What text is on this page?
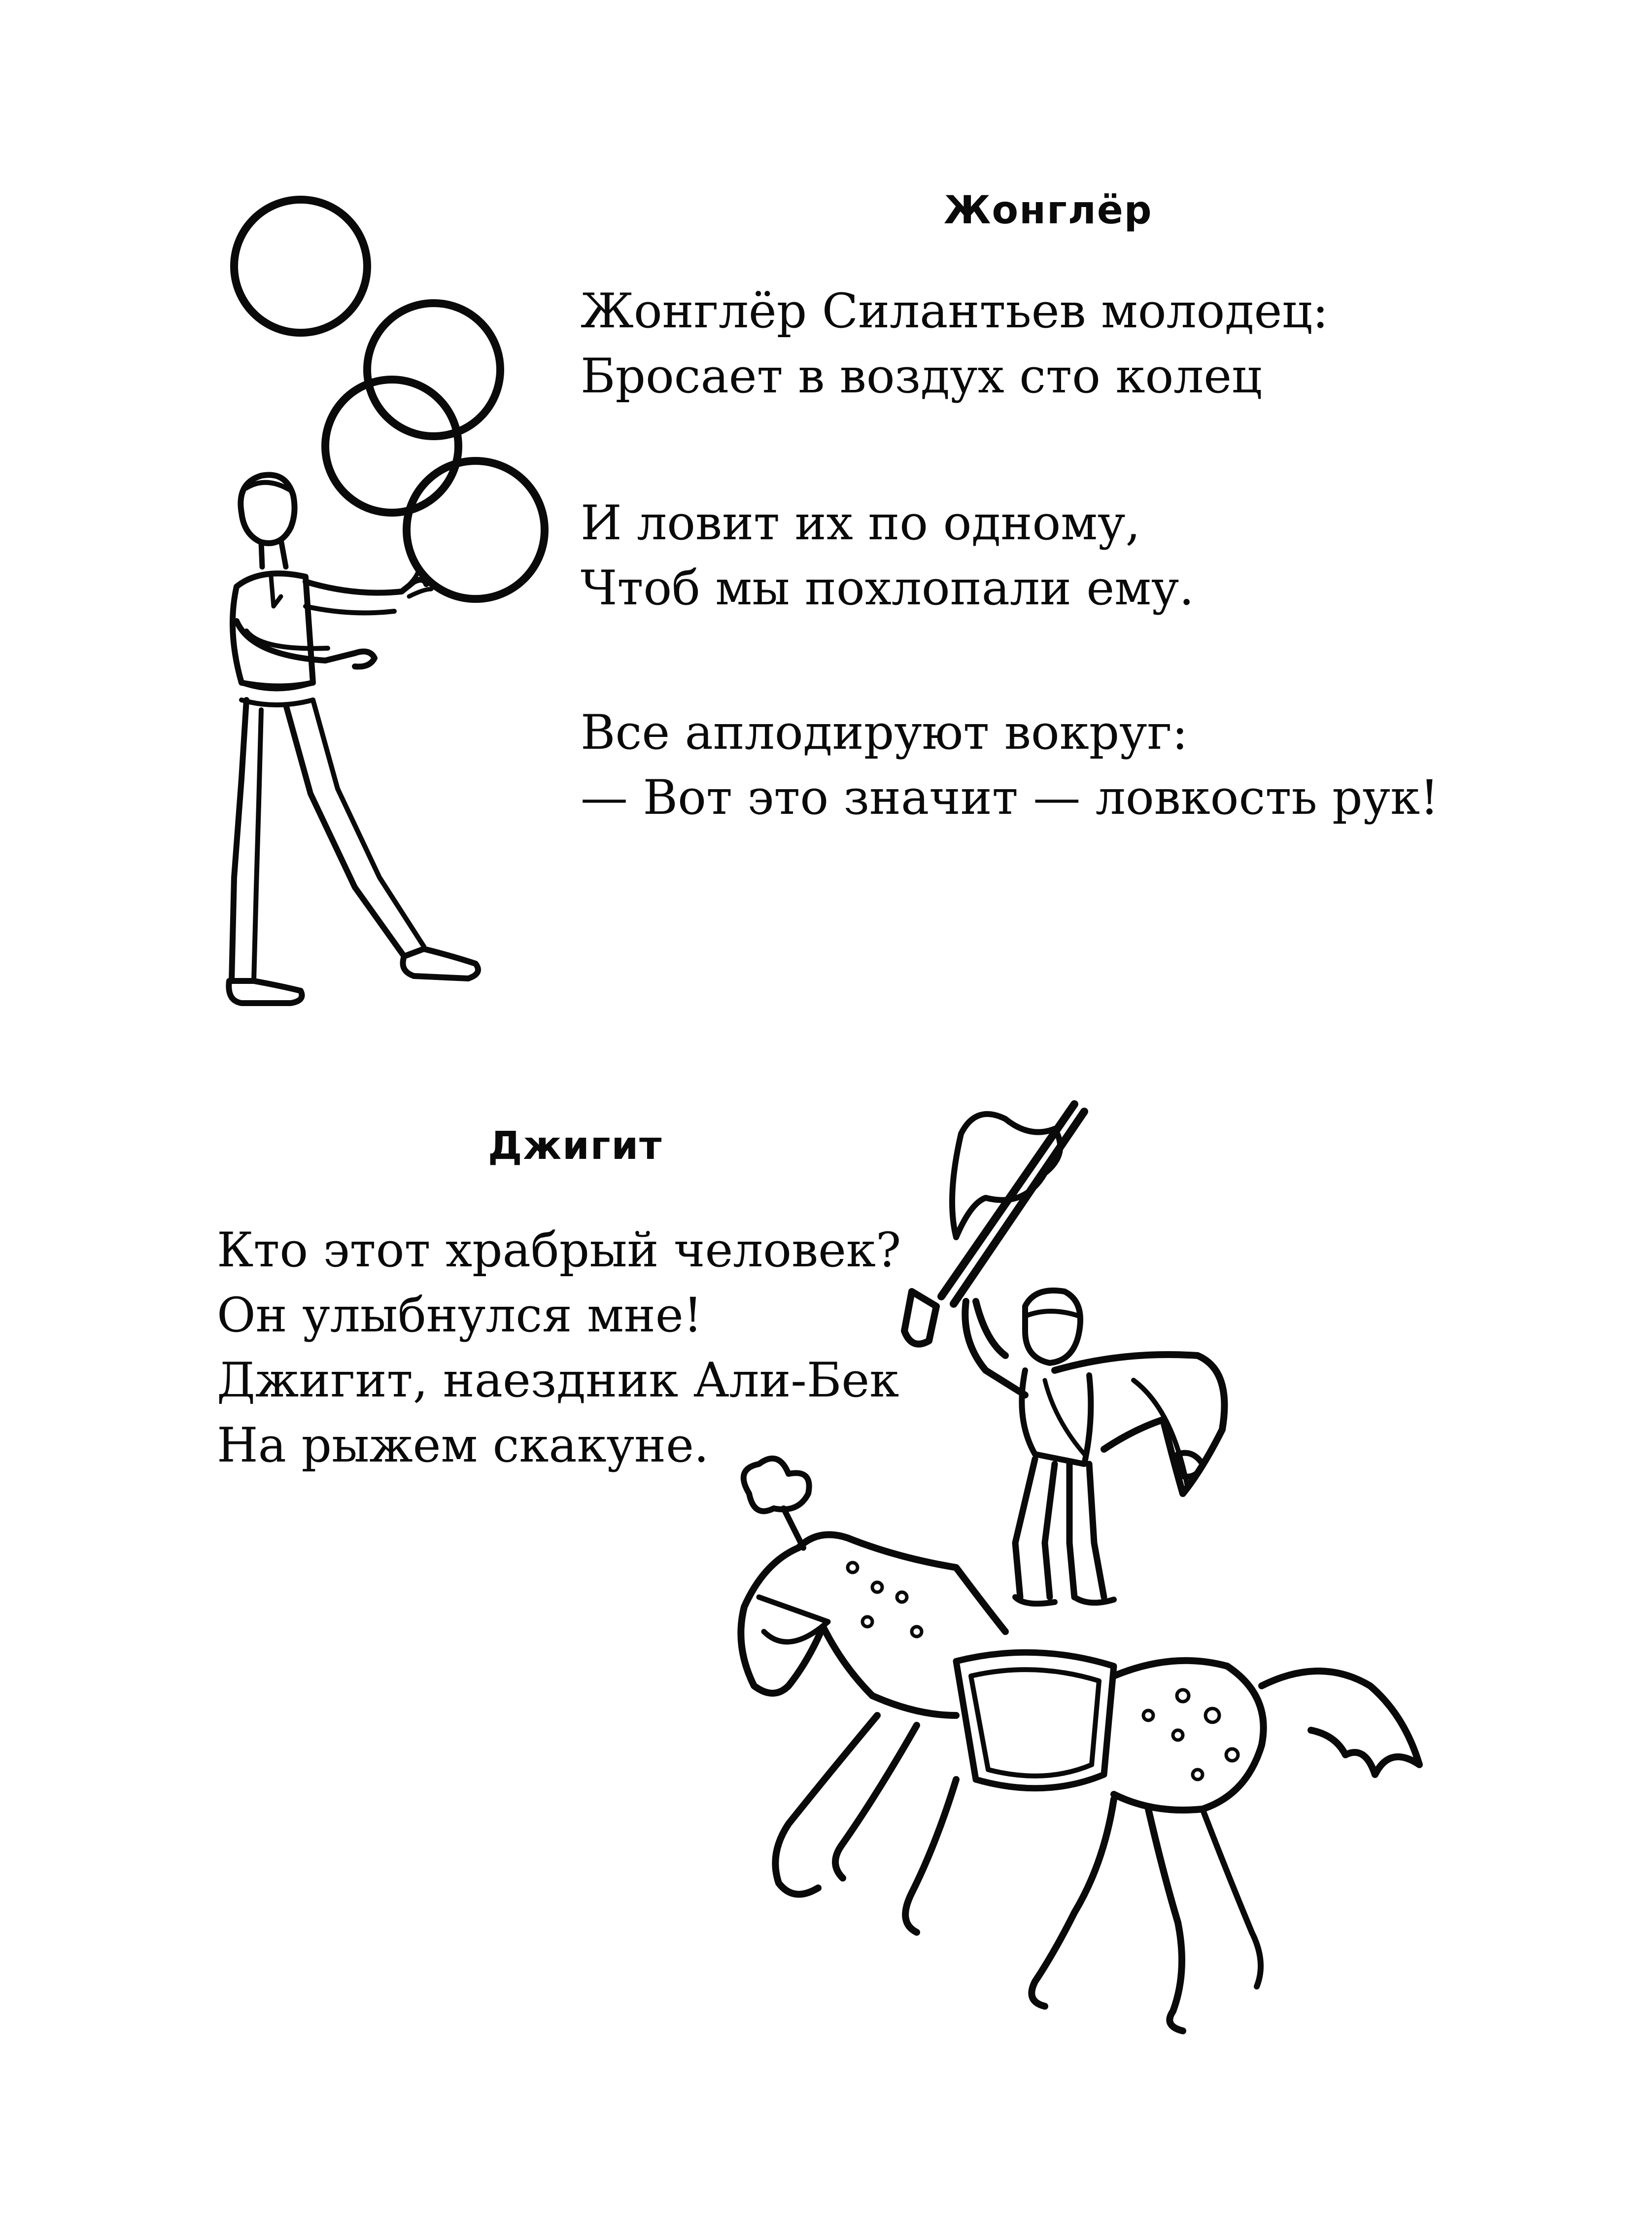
Жонглёр

Жонглёр Силантьев молодец:
Бросает в воздух сто колец

И ловит их по одному,
Чтоб мы похлопали ему.

Все аплодируют вокруг:
— Вот это значит — ловкость рук!

Джигит

Кто этот храбрый человек?
Он улыбнулся мне!
Джигит, наездник Али-Бек
На рыжем скакуне.
